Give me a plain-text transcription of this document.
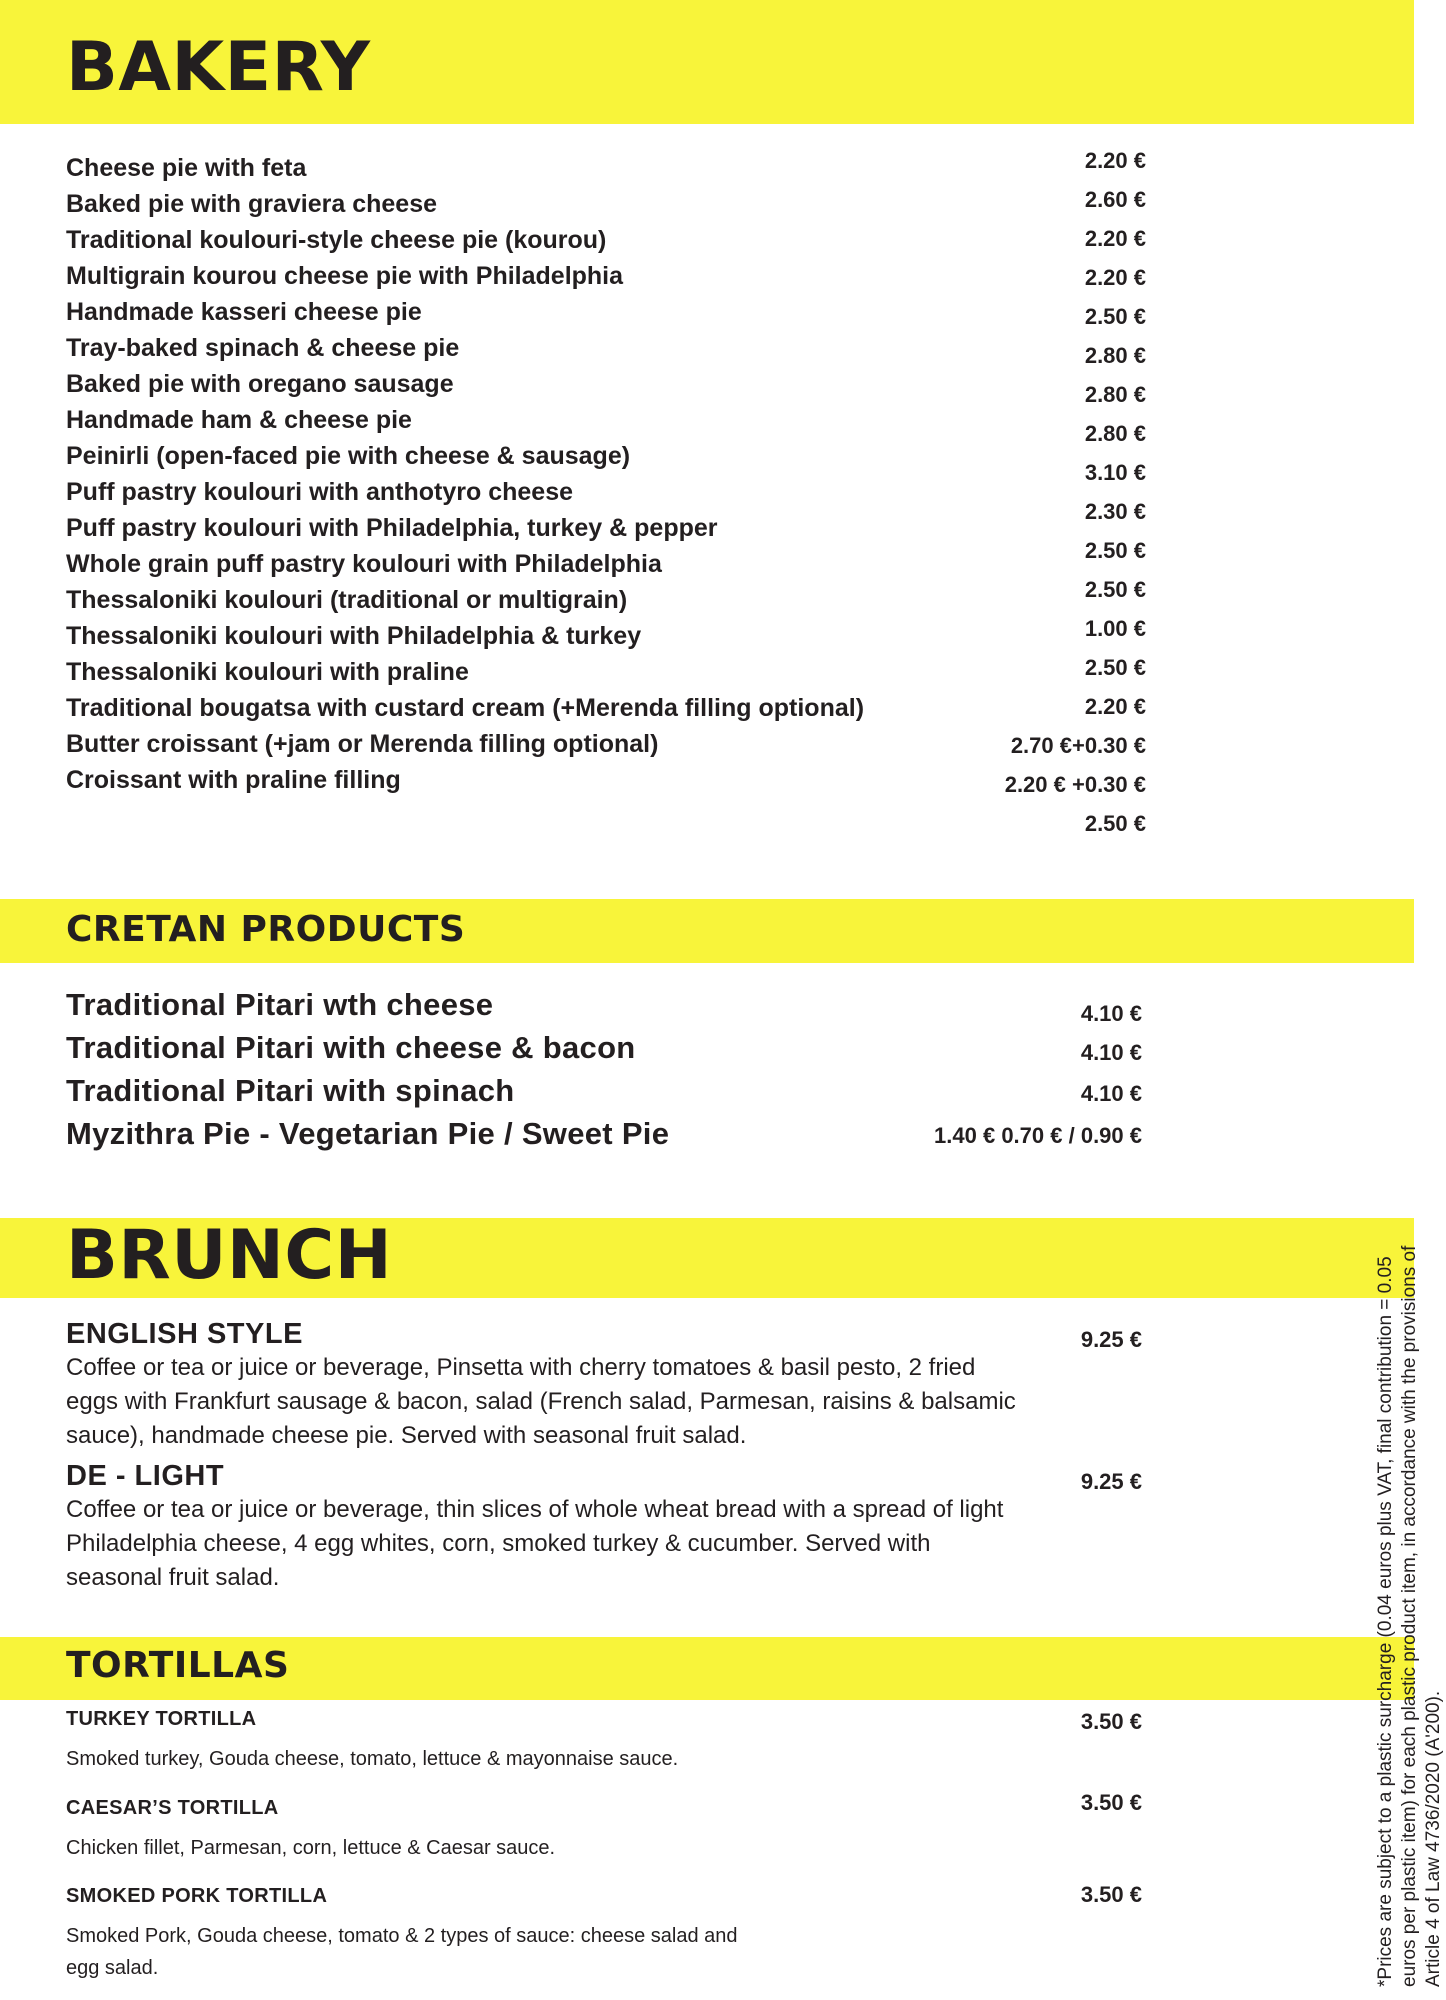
BAKERY
Cheese pie with feta
Baked pie with graviera cheese
Traditional koulouri-style cheese pie (kourou)
Multigrain kourou cheese pie with Philadelphia
Handmade kasseri cheese pie
Tray-baked spinach & cheese pie
Baked pie with oregano sausage
Handmade ham & cheese pie
Peinirli (open-faced pie with cheese & sausage)
Puff pastry koulouri with anthotyro cheese
Puff pastry koulouri with Philadelphia, turkey & pepper
Whole grain puff pastry koulouri with Philadelphia
Thessaloniki koulouri (traditional or multigrain)
Thessaloniki koulouri with Philadelphia & turkey
Thessaloniki koulouri with praline
Traditional bougatsa with custard cream (+Merenda filling optional)
Butter croissant (+jam or Merenda filling optional)
Croissant with praline filling
2.20 €
2.60 €
2.20 €
2.20 €
2.50 €
2.80 €
2.80 €
2.80 €
3.10 €
2.30 €
2.50 €
2.50 €
1.00 €
2.50 €
2.20 €
2.70 €+0.30 €
2.20 € +0.30 €
2.50 €
CRETAN PRODUCTS
Traditional Pitari wth cheese
Traditional Pitari with cheese & bacon
Traditional Pitari with spinach
Myzithra Pie - Vegetarian Pie / Sweet Pie
4.10 €
4.10 €
4.10 €
1.40 € 0.70 € / 0.90 €
BRUNCH
ENGLISH STYLE

Coffee or tea or juice or beverage, Pinsetta with cherry tomatoes & basil pesto, 2 fried eggs with Frankfurt sausage & bacon, salad (French salad, Parmesan, raisins & balsamic sauce), handmade cheese pie. Served with seasonal fruit salad.

9.25 €
DE - LIGHT

Coffee or tea or juice or beverage, thin slices of whole wheat bread with a spread of light Philadelphia cheese, 4 egg whites, corn, smoked turkey & cucumber. Served with seasonal fruit salad.

9.25 €
TORTILLAS
TURKEY TORTILLA

Smoked turkey, Gouda cheese, tomato, lettuce & mayonnaise sauce.

3.50 €
CAESAR’S TORTILLA

Chicken fillet, Parmesan, corn, lettuce & Caesar sauce.

3.50 €
SMOKED PORK TORTILLA

Smoked Pork, Gouda cheese, tomato & 2 types of sauce: cheese salad and egg salad.

3.50 €	*Prices are subject to a plastic surcharge (0.04 euros plus VAT, final contribution = 0.05 euros per plastic item) for each plastic product item, in accordance with the provisions of Article 4 of Law 4736/2020 (A'200).
